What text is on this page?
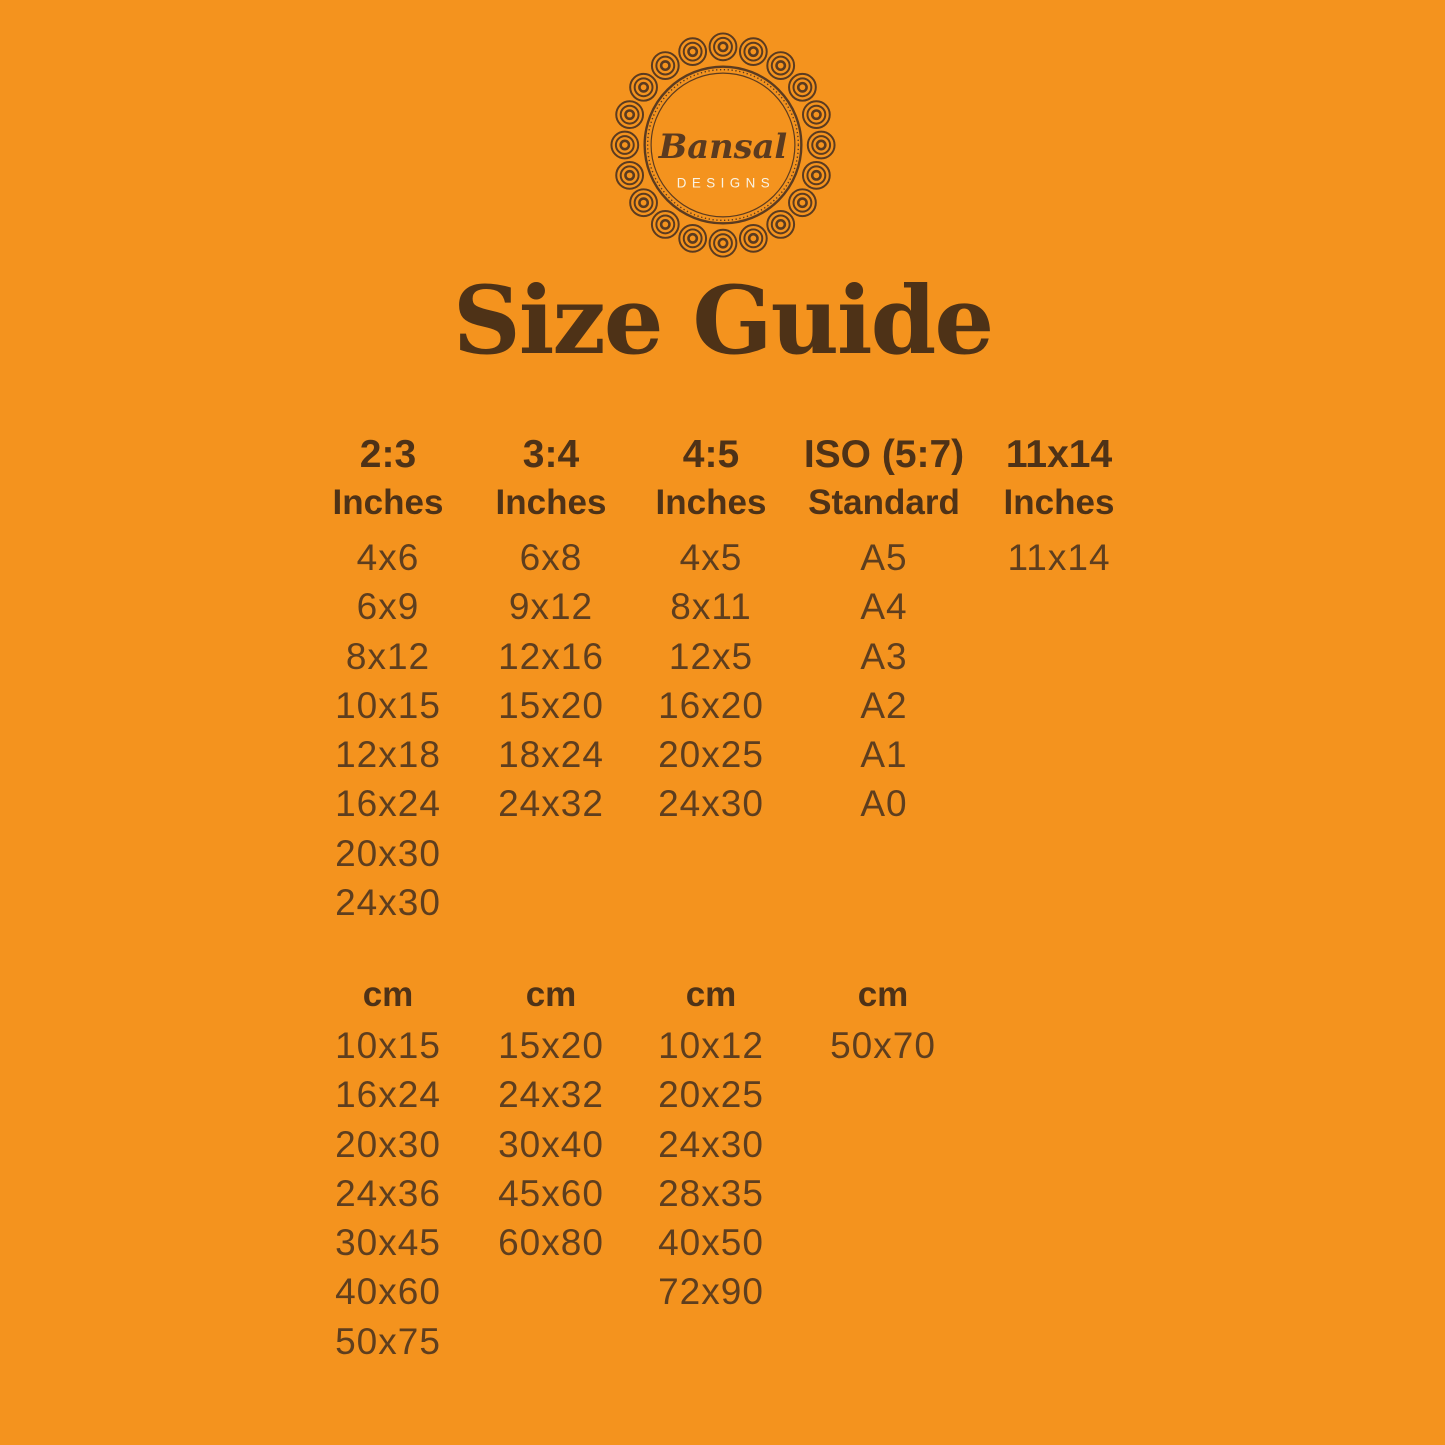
Bansal
DESIGNS
Size Guide
2:3
Inches
4x6
6x9
8x12
10x15
12x18
16x24
20x30
24x30
3:4
Inches
6x8
9x12
12x16
15x20
18x24
24x32
4:5
Inches
4x5
8x11
12x5
16x20
20x25
24x30
ISO (5:7)
Standard
A5
A4
A3
A2
A1
A0
11x14
Inches
11x14
cm
10x15
16x24
20x30
24x36
30x45
40x60
50x75
cm
15x20
24x32
30x40
45x60
60x80
cm
10x12
20x25
24x30
28x35
40x50
72x90
cm
50x70
